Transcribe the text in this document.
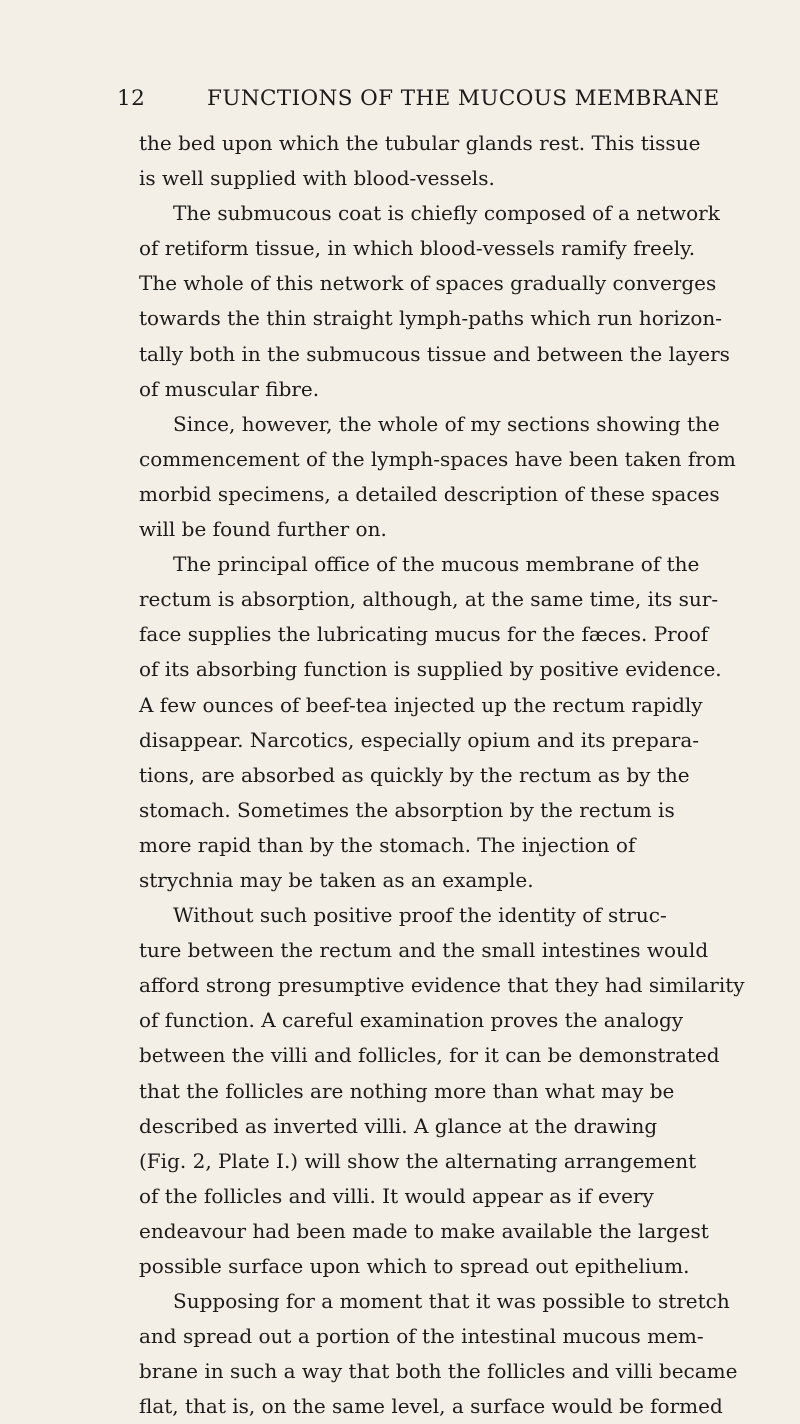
12	FUNCTIONS OF THE MUCOUS MEMBRANE
the bed upon which the tubular glands rest. This tissue
is well supplied with blood-vessels.
The submucous coat is chiefly composed of a network
of retiform tissue, in which blood-vessels ramify freely.
The whole of this network of spaces gradually converges
towards the thin straight lymph-paths which run horizon-
tally both in the submucous tissue and between the layers
of muscular fibre.
Since, however, the whole of my sections showing the
commencement of the lymph-spaces have been taken from
morbid specimens, a detailed description of these spaces
will be found further on.
The principal office of the mucous membrane of the
rectum is absorption, although, at the same time, its sur-
face supplies the lubricating mucus for the fæces. Proof
of its absorbing function is supplied by positive evidence.
A few ounces of beef-tea injected up the rectum rapidly
disappear. Narcotics, especially opium and its prepara-
tions, are absorbed as quickly by the rectum as by the
stomach. Sometimes the absorption by the rectum is
more rapid than by the stomach. The injection of
strychnia may be taken as an example.
Without such positive proof the identity of struc-
ture between the rectum and the small intestines would
afford strong presumptive evidence that they had similarity
of function. A careful examination proves the analogy
between the villi and follicles, for it can be demonstrated
that the follicles are nothing more than what may be
described as inverted villi. A glance at the drawing
(Fig. 2, Plate I.) will show the alternating arrangement
of the follicles and villi. It would appear as if every
endeavour had been made to make available the largest
possible surface upon which to spread out epithelium.
Supposing for a moment that it was possible to stretch
and spread out a portion of the intestinal mucous mem-
brane in such a way that both the follicles and villi became
flat, that is, on the same level, a surface would be formed
